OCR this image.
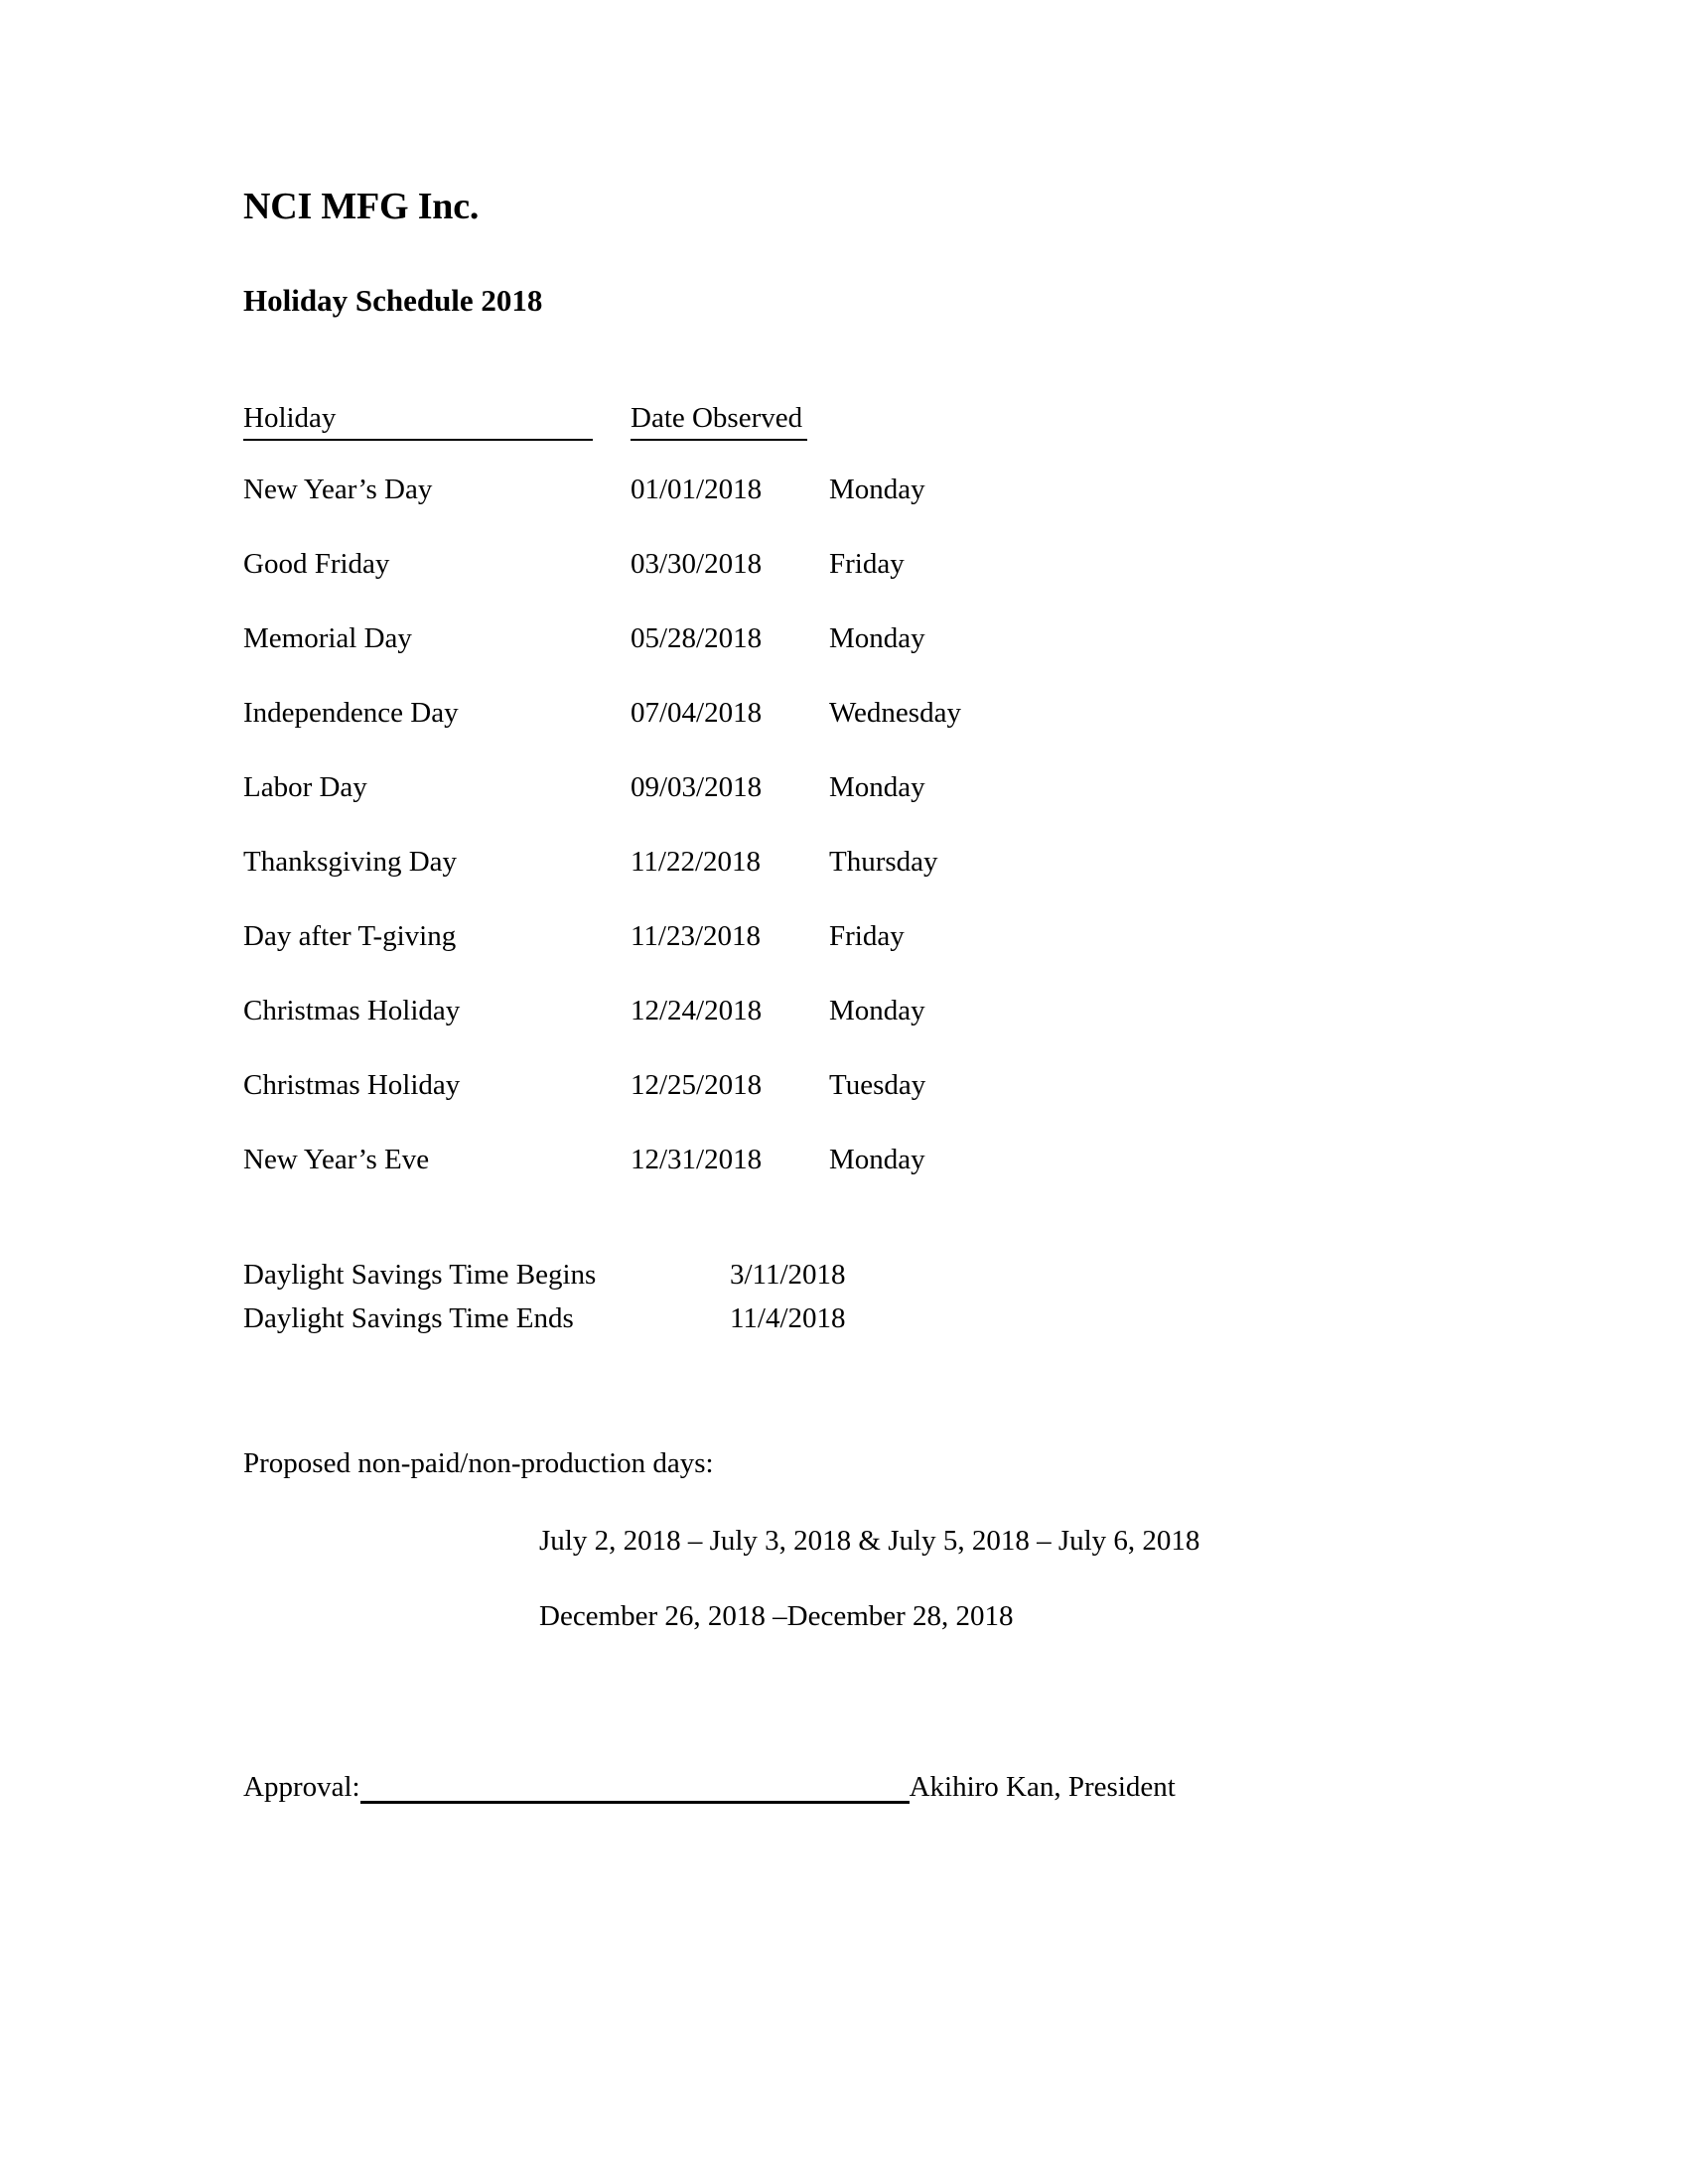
NCI MFG Inc.
Holiday Schedule 2018
Holiday	Date Observed
New Year’s Day	01/01/2018 Monday
Good Friday	03/30/2018 Friday
Memorial Day	05/28/2018 Monday
Independence Day	07/04/2018 Wednesday
Labor Day	09/03/2018 Monday
Thanksgiving Day	11/22/2018 Thursday
Day after T-giving	11/23/2018 Friday
Christmas Holiday	12/24/2018 Monday
Christmas Holiday	12/25/2018 Tuesday
New Year’s Eve	12/31/2018 Monday
Daylight Savings Time Begins	3/11/2018
Daylight Savings Time Ends	11/4/2018
Proposed non-paid/non-production days:
July 2, 2018 – July 3, 2018 & July 5, 2018 – July 6, 2018
December 26, 2018 –December 28, 2018
Approval:	Akihiro Kan, President
